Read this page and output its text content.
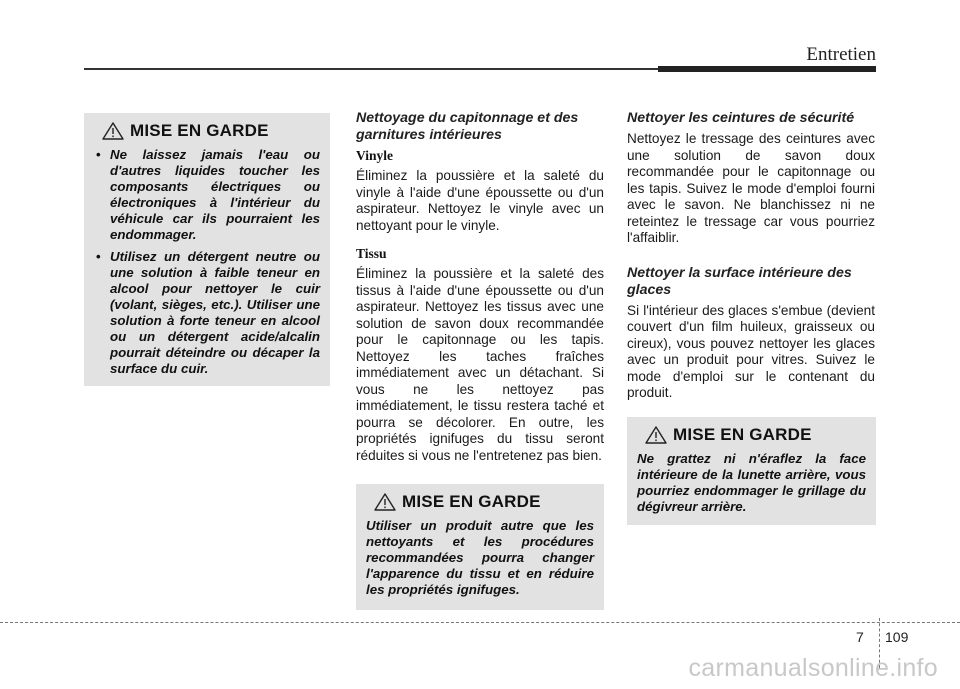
Entretien
MISE EN GARDE
• Ne laissez jamais l'eau ou d'autres liquides toucher les composants électriques ou électroniques à l'intérieur du véhicule car ils pourraient les endommager.
• Utilisez un détergent neutre ou une solution à faible teneur en alcool pour nettoyer le cuir (volant, sièges, etc.). Utiliser une solution à forte teneur en alcool ou un détergent acide/alcalin pourrait déteindre ou décaper la surface du cuir.

Nettoyage du capitonnage et des garnitures intérieures

Vinyle

Éliminez la poussière et la saleté du vinyle à l'aide d'une époussette ou d'un aspirateur. Nettoyez le vinyle avec un nettoyant pour le vinyle.

Tissu

Éliminez la poussière et la saleté des tissus à l'aide d'une époussette ou d'un aspirateur. Nettoyez les tissus avec une solution de savon doux recommandée pour le capitonnage ou les tapis. Nettoyez les taches fraîches immédiatement avec un détachant. Si vous ne les nettoyez pas immédiatement, le tissu restera taché et pourra se décolorer. En outre, les propriétés ignifuges du tissu seront réduites si vous ne l'entretenez pas bien.

MISE EN GARDE

Utiliser un produit autre que les nettoyants et les procédures recommandées pourra changer l'apparence du tissu et en réduire les propriétés ignifuges.

Nettoyer les ceintures de sécurité

Nettoyez le tressage des ceintures avec une solution de savon doux recommandée pour le capitonnage ou les tapis. Suivez le mode d'emploi fourni avec le savon. Ne blanchissez ni ne reteintez le tressage car vous pourriez l'affaiblir.

Nettoyer la surface intérieure des glaces

Si l'intérieur des glaces s'embue (devient couvert d'un film huileux, graisseux ou cireux), vous pouvez nettoyer les glaces avec un produit pour vitres. Suivez le mode d'emploi sur le contenant du produit.

MISE EN GARDE

Ne grattez ni n'éraflez la face intérieure de la lunette arrière, vous pourriez endommager le grillage du dégivreur arrière.

7 109
carmanualsonline.info
